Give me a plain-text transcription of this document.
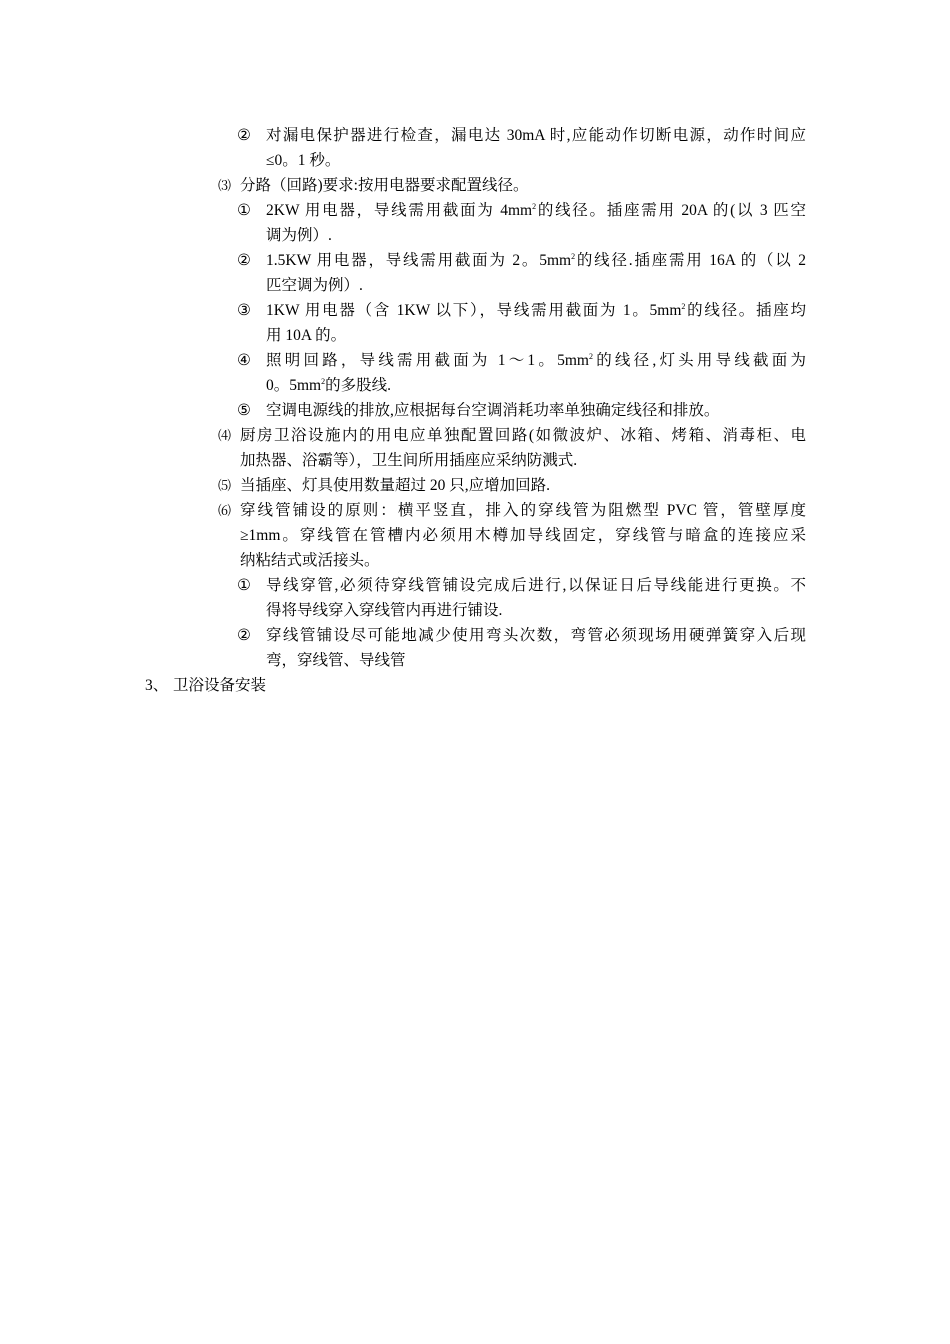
② 对漏电保护器进行检查，漏电达 30mA 时,应能动作切断电源，动作时间应
≤0。1 秒。
⑶ 分路（回路)要求:按用电器要求配置线径。
① 2KW 用电器，导线需用截面为 $4mm^2$的线径。插座需用 20A 的(以 3 匹空
调为例）.
② 1.5KW 用电器，导线需用截面为 2。$5mm^2$的线径.插座需用 16A 的（以 2
匹空调为例）.
③ 1KW 用电器（含 1KW 以下），导线需用截面为 1。$5mm^2$的线径。插座均
用 10A 的。
④ 照明回路，导线需用截面为 1～1。$5mm^2$的线径,灯头用导线截面为
0。$5mm^2$的多股线.
⑤ 空调电源线的排放,应根据每台空调消耗功率单独确定线径和排放。
⑷ 厨房卫浴设施内的用电应单独配置回路(如微波炉、冰箱、烤箱、消毒柜、电
加热器、浴霸等），卫生间所用插座应采纳防溅式.
⑸ 当插座、灯具使用数量超过 20 只,应增加回路.
⑹ 穿线管铺设的原则：横平竖直，排入的穿线管为阻燃型 PVC 管，管壁厚度
≥1mm。穿线管在管槽内必须用木樽加导线固定，穿线管与暗盒的连接应采
纳粘结式或活接头。
① 导线穿管,必须待穿线管铺设完成后进行,以保证日后导线能进行更换。不
得将导线穿入穿线管内再进行铺设.
② 穿线管铺设尽可能地减少使用弯头次数，弯管必须现场用硬弹簧穿入后现
弯，穿线管、导线管
3、 卫浴设备安装
